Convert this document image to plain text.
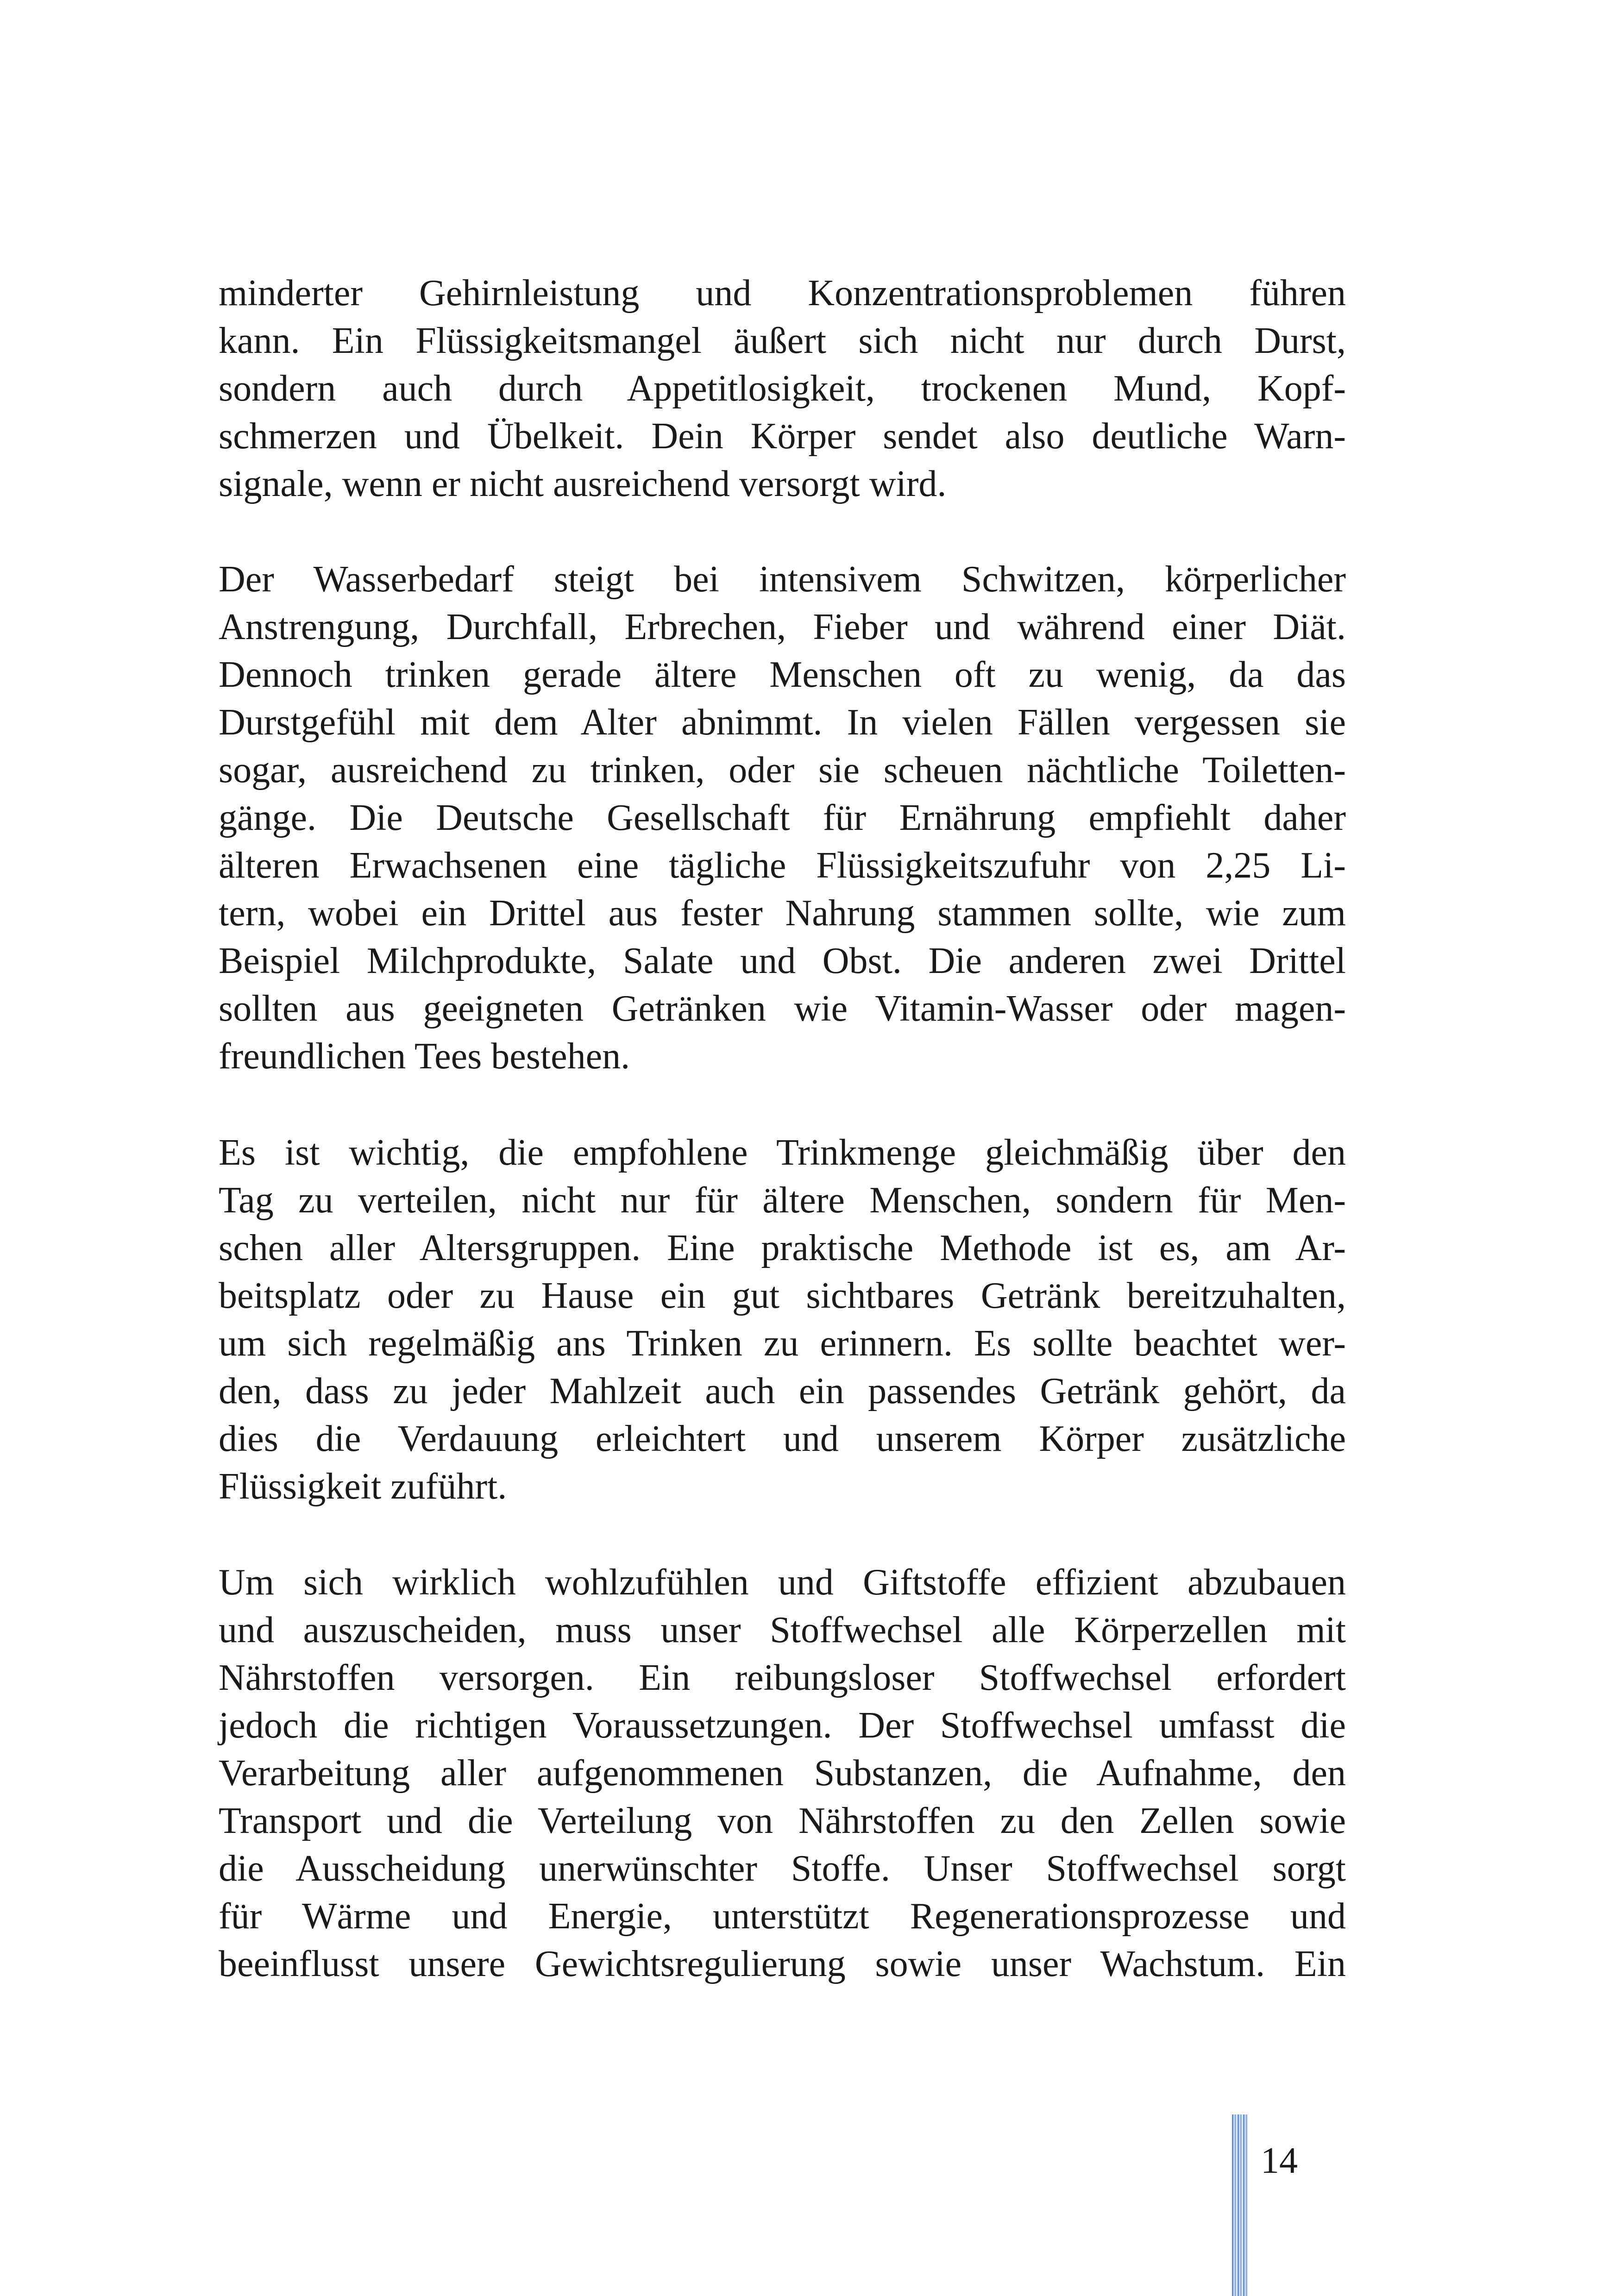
minderter Gehirnleistung und Konzentrationsproblemen führen
kann. Ein Flüssigkeitsmangel äußert sich nicht nur durch Durst,
sondern auch durch Appetitlosigkeit, trockenen Mund, Kopf-
schmerzen und Übelkeit. Dein Körper sendet also deutliche Warn-
signale, wenn er nicht ausreichend versorgt wird.
Der Wasserbedarf steigt bei intensivem Schwitzen, körperlicher
Anstrengung, Durchfall, Erbrechen, Fieber und während einer Diät.
Dennoch trinken gerade ältere Menschen oft zu wenig, da das
Durstgefühl mit dem Alter abnimmt. In vielen Fällen vergessen sie
sogar, ausreichend zu trinken, oder sie scheuen nächtliche Toiletten-
gänge. Die Deutsche Gesellschaft für Ernährung empfiehlt daher
älteren Erwachsenen eine tägliche Flüssigkeitszufuhr von 2,25 Li-
tern, wobei ein Drittel aus fester Nahrung stammen sollte, wie zum
Beispiel Milchprodukte, Salate und Obst. Die anderen zwei Drittel
sollten aus geeigneten Getränken wie Vitamin-Wasser oder magen-
freundlichen Tees bestehen.
Es ist wichtig, die empfohlene Trinkmenge gleichmäßig über den
Tag zu verteilen, nicht nur für ältere Menschen, sondern für Men-
schen aller Altersgruppen. Eine praktische Methode ist es, am Ar-
beitsplatz oder zu Hause ein gut sichtbares Getränk bereitzuhalten,
um sich regelmäßig ans Trinken zu erinnern. Es sollte beachtet wer-
den, dass zu jeder Mahlzeit auch ein passendes Getränk gehört, da
dies die Verdauung erleichtert und unserem Körper zusätzliche
Flüssigkeit zuführt.
Um sich wirklich wohlzufühlen und Giftstoffe effizient abzubauen
und auszuscheiden, muss unser Stoffwechsel alle Körperzellen mit
Nährstoffen versorgen. Ein reibungsloser Stoffwechsel erfordert
jedoch die richtigen Voraussetzungen. Der Stoffwechsel umfasst die
Verarbeitung aller aufgenommenen Substanzen, die Aufnahme, den
Transport und die Verteilung von Nährstoffen zu den Zellen sowie
die Ausscheidung unerwünschter Stoffe. Unser Stoffwechsel sorgt
für Wärme und Energie, unterstützt Regenerationsprozesse und
beeinflusst unsere Gewichtsregulierung sowie unser Wachstum. Ein
14
